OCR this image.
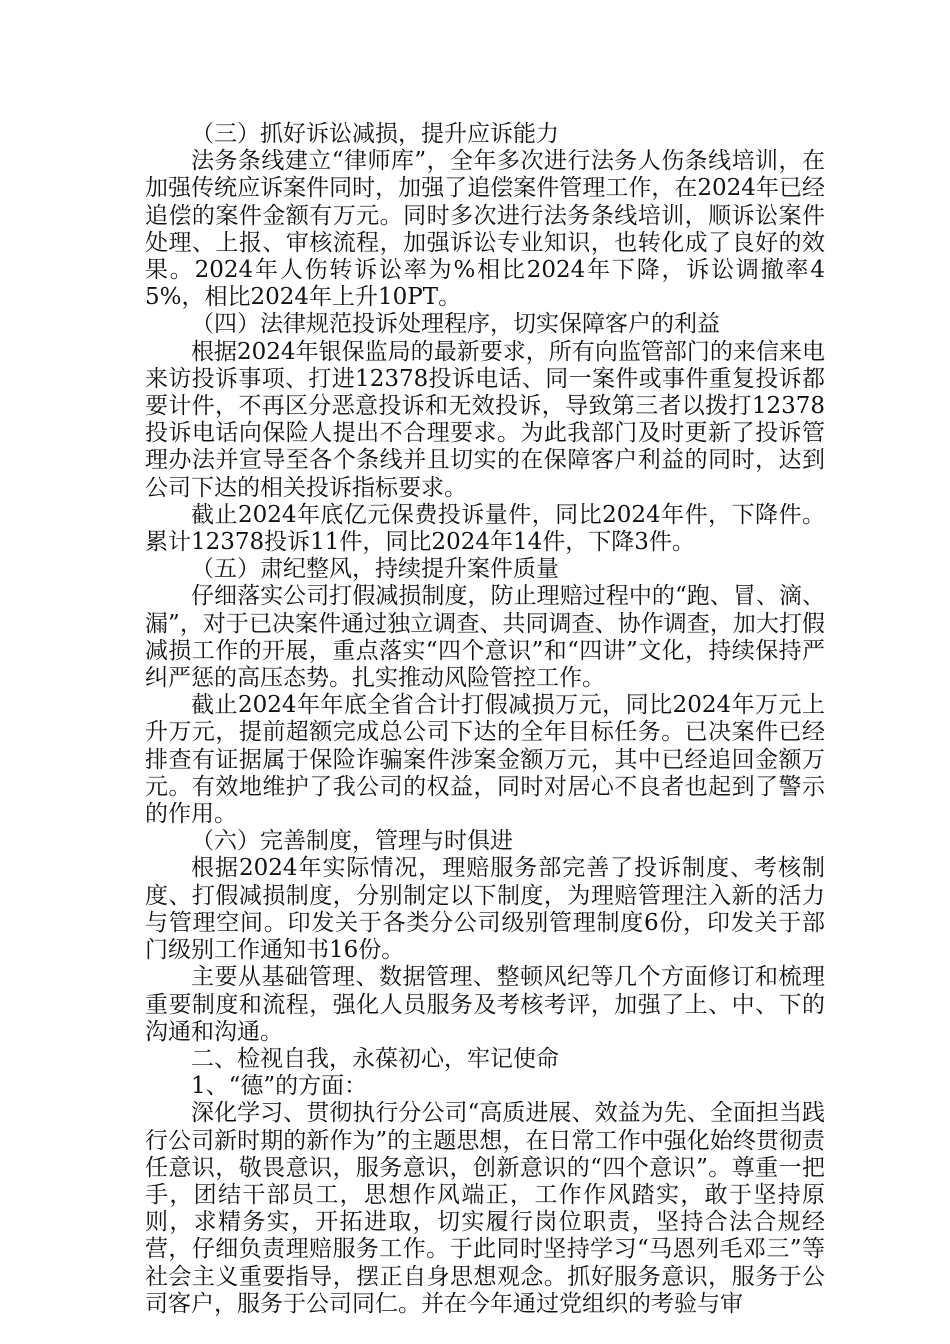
（三）抓好诉讼减损，提升应诉能力

法务条线建立“律师库”，全年多次进行法务人伤条线培训，在加强传统应诉案件同时，加强了追偿案件管理工作，在2024年已经追偿的案件金额有万元。同时多次进行法务条线培训，顺诉讼案件处理、上报、审核流程，加强诉讼专业知识，也转化成了良好的效果。2024年人伤转诉讼率为%相比2024年下降，诉讼调撤率45%，相比2024年上升10PT。

（四）法律规范投诉处理程序，切实保障客户的利益

根据2024年银保监局的最新要求，所有向监管部门的来信来电来访投诉事项、打进12378投诉电话、同一案件或事件重复投诉都要计件，不再区分恶意投诉和无效投诉，导致第三者以拨打12378投诉电话向保险人提出不合理要求。为此我部门及时更新了投诉管理办法并宣导至各个条线并且切实的在保障客户利益的同时，达到公司下达的相关投诉指标要求。

截止2024年底亿元保费投诉量件，同比2024年件，下降件。累计12378投诉11件，同比2024年14件，下降3件。

（五）肃纪整风，持续提升案件质量

仔细落实公司打假减损制度，防止理赔过程中的“跑、冒、滴、漏”，对于已决案件通过独立调查、共同调查、协作调查，加大打假减损工作的开展，重点落实“四个意识”和“四讲”文化，持续保持严纠严惩的高压态势。扎实推动风险管控工作。

截止2024年年底全省合计打假减损万元，同比2024年万元上升万元，提前超额完成总公司下达的全年目标任务。已决案件已经排查有证据属于保险诈骗案件涉案金额万元，其中已经追回金额万元。有效地维护了我公司的权益，同时对居心不良者也起到了警示的作用。

（六）完善制度，管理与时俱进

根据2024年实际情况，理赔服务部完善了投诉制度、考核制度、打假减损制度，分别制定以下制度，为理赔管理注入新的活力与管理空间。印发关于各类分公司级别管理制度6份，印发关于部门级别工作通知书16份。

主要从基础管理、数据管理、整顿风纪等几个方面修订和梳理重要制度和流程，强化人员服务及考核考评，加强了上、中、下的沟通和沟通。

二、检视自我，永葆初心，牢记使命

1、“德”的方面：

深化学习、贯彻执行分公司“高质进展、效益为先、全面担当践行公司新时期的新作为”的主题思想，在日常工作中强化始终贯彻责任意识，敬畏意识，服务意识，创新意识的“四个意识”。尊重一把手，团结干部员工，思想作风端正，工作作风踏实，敢于坚持原则，求精务实，开拓进取，切实履行岗位职责，坚持合法合规经营，仔细负责理赔服务工作。于此同时坚持学习“马恩列毛邓三”等社会主义重要指导，摆正自身思想观念。抓好服务意识，服务于公司客户，服务于公司同仁。并在今年通过党组织的考验与审
